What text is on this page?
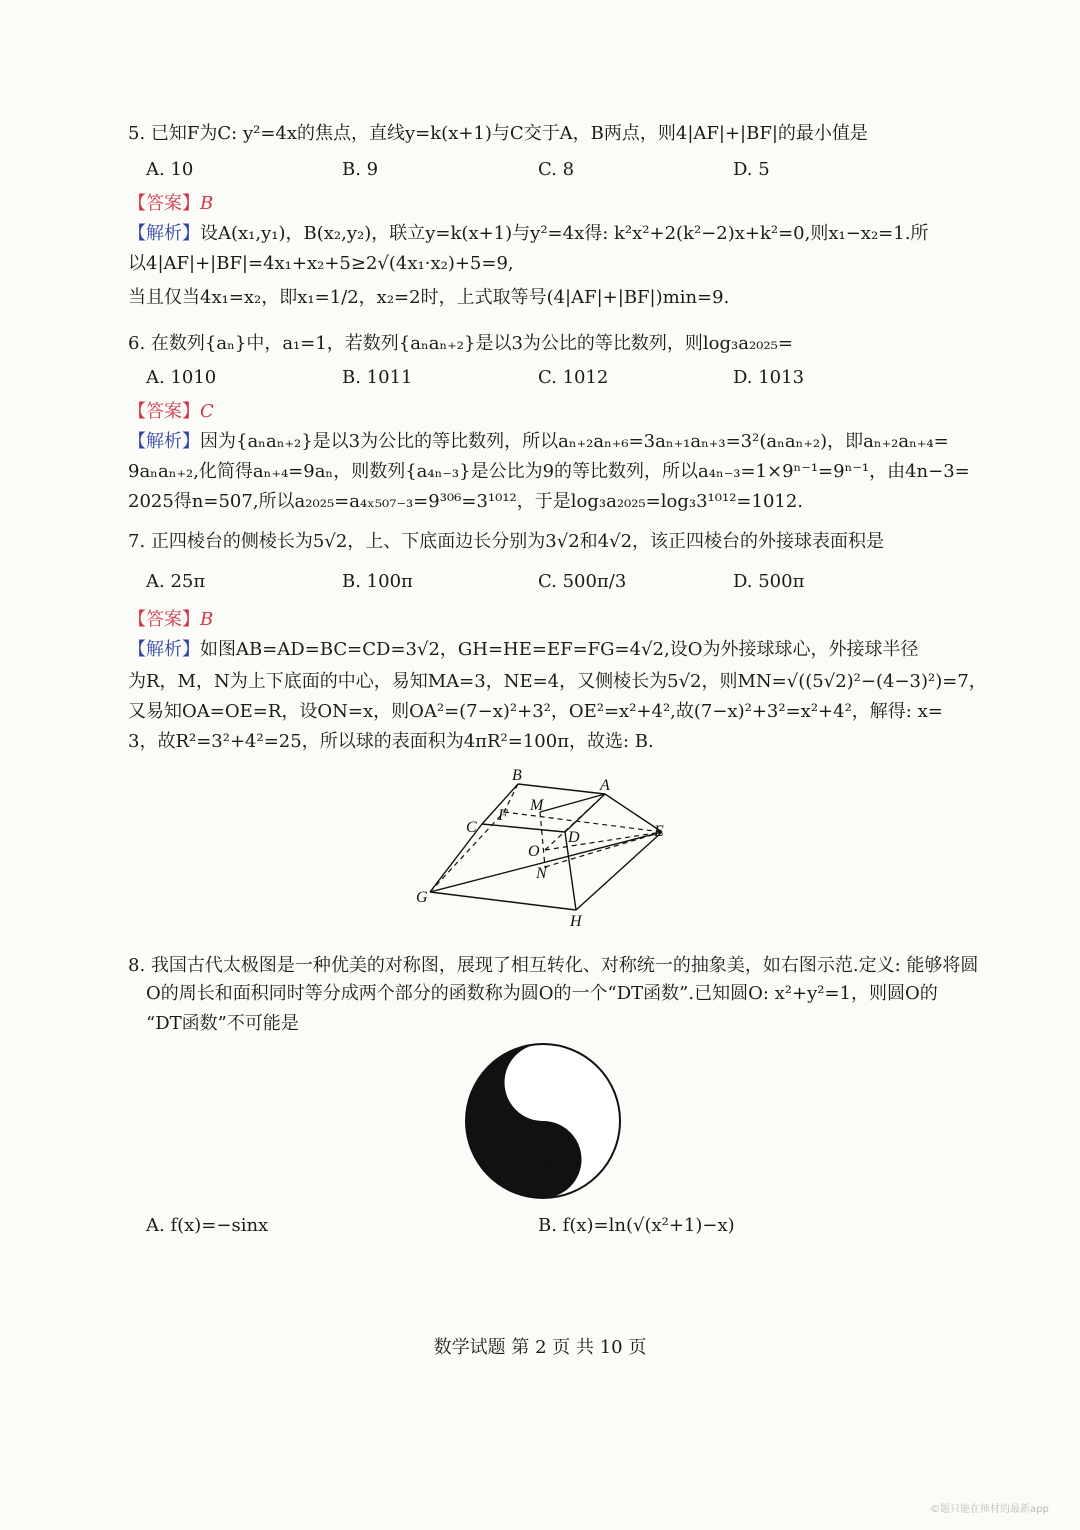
5. 已知F为C: y²=4x的焦点，直线y=k(x+1)与C交于A，B两点，则4|AF|+|BF|的最小值是
A. 10	B. 9	C. 8	D. 5
【答案】B
【解析】设A(x₁,y₁)，B(x₂,y₂)，联立y=k(x+1)与y²=4x得: k²x²+2(k²−2)x+k²=0,则x₁−x₂=1.所
以4|AF|+|BF|=4x₁+x₂+5≥2√(4x₁·x₂)+5=9,
当且仅当4x₁=x₂，即x₁=1/2，x₂=2时，上式取等号(4|AF|+|BF|)min=9.
6. 在数列{aₙ}中，a₁=1，若数列{aₙaₙ₊₂}是以3为公比的等比数列，则log₃a₂₀₂₅=
A. 1010	B. 1011	C. 1012	D. 1013
【答案】C
【解析】因为{aₙaₙ₊₂}是以3为公比的等比数列，所以aₙ₊₂aₙ₊₆=3aₙ₊₁aₙ₊₃=3²(aₙaₙ₊₂)，即aₙ₊₂aₙ₊₄=
9aₙaₙ₊₂,化简得aₙ₊₄=9aₙ，则数列{a₄ₙ₋₃}是公比为9的等比数列，所以a₄ₙ₋₃=1×9ⁿ⁻¹=9ⁿ⁻¹，由4n−3=
2025得n=507,所以a₂₀₂₅=a₄ₓ₅₀₇₋₃=9³⁰⁶=3¹⁰¹²，于是log₃a₂₀₂₅=log₃3¹⁰¹²=1012.
7. 正四棱台的侧棱长为5√2，上、下底面边长分别为3√2和4√2，该正四棱台的外接球表面积是
A. 25π	B. 100π	C. 500π/3	D. 500π
【答案】B
【解析】如图AB=AD=BC=CD=3√2，GH=HE=EF=FG=4√2,设O为外接球球心，外接球半径
为R，M，N为上下底面的中心，易知MA=3，NE=4，又侧棱长为5√2，则MN=√((5√2)²−(4−3)²)=7，
又易知OA=OE=R，设ON=x，则OA²=(7−x)²+3²，OE²=x²+4²,故(7−x)²+3²=x²+4²，解得: x=
3，故R²=3²+4²=25，所以球的表面积为4πR²=100π，故选: B.
B
A
M
F
C
D	E
O
N
G
H
8. 我国古代太极图是一种优美的对称图，展现了相互转化、对称统一的抽象美，如右图示范.定义: 能够将圆
O的周长和面积同时等分成两个部分的函数称为圆O的一个“DT函数”.已知圆O: x²+y²=1，则圆O的
“DT函数”不可能是
A. f(x)=−sinx	B. f(x)=ln(√(x²+1)−x)
数学试题 第 2 页 共 10 页
©题只能在师材的最新app
